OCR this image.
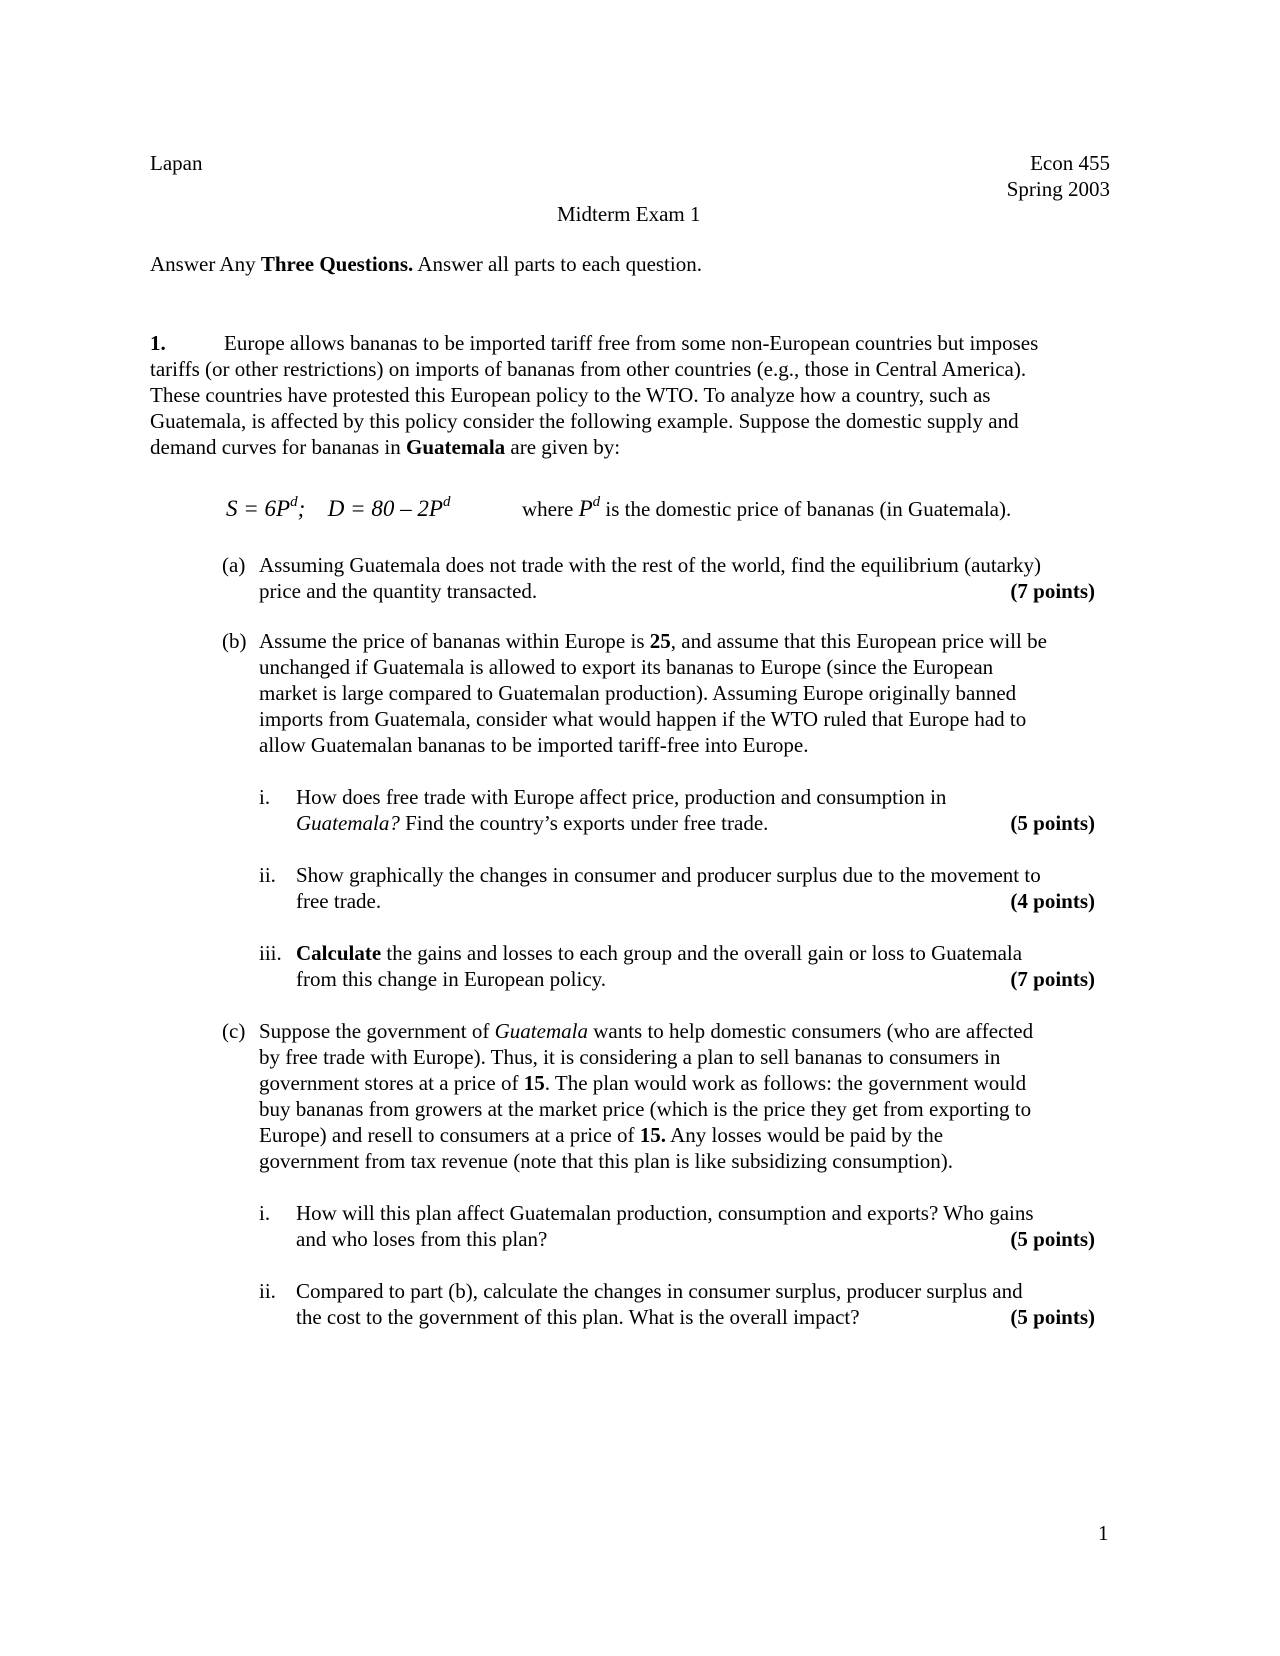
Lapan	Econ 455
Spring 2003
Midterm Exam 1
Answer Any Three Questions. Answer all parts to each question.
1.	Europe allows bananas to be imported tariff free from some non-European countries but imposes
tariffs (or other restrictions) on imports of bananas from other countries (e.g., those in Central America).
These countries have protested this European policy to the WTO. To analyze how a country, such as
Guatemala, is affected by this policy consider the following example. Suppose the domestic supply and
demand curves for bananas in Guatemala are given by:
$S = 6P^d$; $D = 80 - 2P^d$	where $P^d$ is the domestic price of bananas (in Guatemala).
(a) Assuming Guatemala does not trade with the rest of the world, find the equilibrium (autarky)
price and the quantity transacted.	(7 points)
(b) Assume the price of bananas within Europe is 25, and assume that this European price will be
unchanged if Guatemala is allowed to export its bananas to Europe (since the European
market is large compared to Guatemalan production). Assuming Europe originally banned
imports from Guatemala, consider what would happen if the WTO ruled that Europe had to
allow Guatemalan bananas to be imported tariff-free into Europe.
i. How does free trade with Europe affect price, production and consumption in
Guatemala? Find the country’s exports under free trade.	(5 points)
ii. Show graphically the changes in consumer and producer surplus due to the movement to
free trade.	(4 points)
iii. Calculate the gains and losses to each group and the overall gain or loss to Guatemala
from this change in European policy.	(7 points)
(c) Suppose the government of Guatemala wants to help domestic consumers (who are affected
by free trade with Europe). Thus, it is considering a plan to sell bananas to consumers in
government stores at a price of 15. The plan would work as follows: the government would
buy bananas from growers at the market price (which is the price they get from exporting to
Europe) and resell to consumers at a price of 15. Any losses would be paid by the
government from tax revenue (note that this plan is like subsidizing consumption).
i. How will this plan affect Guatemalan production, consumption and exports? Who gains
and who loses from this plan?	(5 points)
ii. Compared to part (b), calculate the changes in consumer surplus, producer surplus and
the cost to the government of this plan. What is the overall impact?	(5 points)
1
